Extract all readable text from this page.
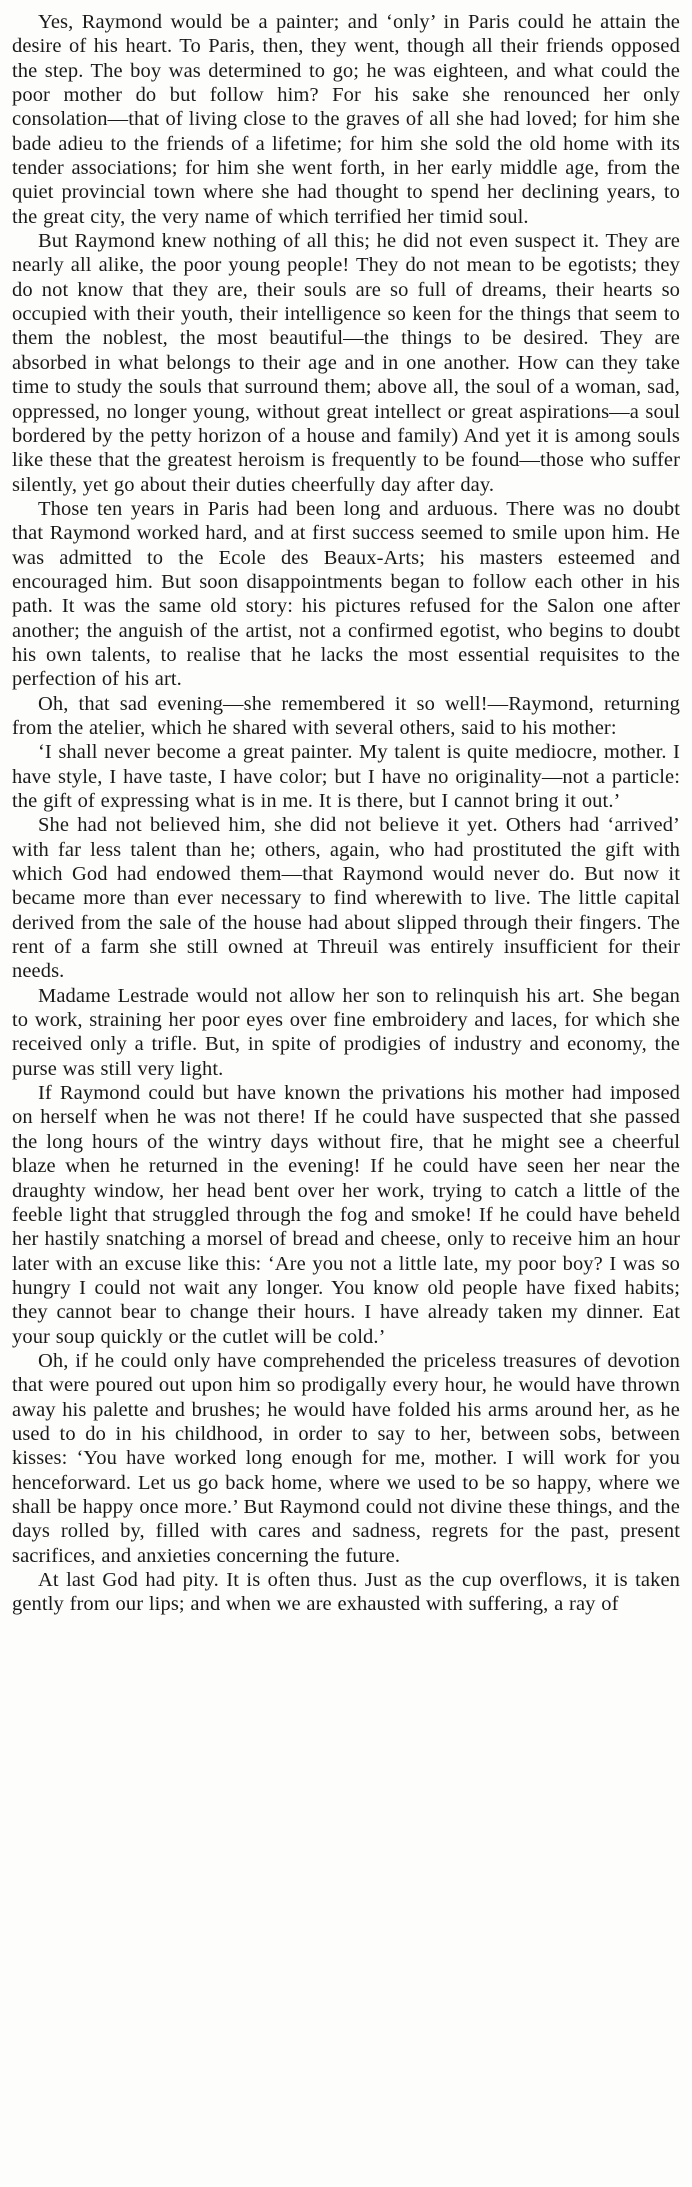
Yes, Raymond would be a painter; and ‘only’ in Paris could he attain the desire of his heart. To Paris, then, they went, though all their friends opposed the step. The boy was determined to go; he was eighteen, and what could the poor mother do but follow him? For his sake she renounced her only consolation—that of living close to the graves of all she had loved; for him she bade adieu to the friends of a lifetime; for him she sold the old home with its tender associations; for him she went forth, in her early middle age, from the quiet provincial town where she had thought to spend her declining years, to the great city, the very name of which terrified her timid soul.

But Raymond knew nothing of all this; he did not even suspect it. They are nearly all alike, the poor young people! They do not mean to be egotists; they do not know that they are, their souls are so full of dreams, their hearts so occupied with their youth, their intelligence so keen for the things that seem to them the noblest, the most beautiful—the things to be desired. They are absorbed in what belongs to their age and in one another. How can they take time to study the souls that surround them; above all, the soul of a woman, sad, oppressed, no longer young, without great intellect or great aspirations—a soul bordered by the petty horizon of a house and family) And yet it is among souls like these that the greatest heroism is frequently to be found—those who suffer silently, yet go about their duties cheerfully day after day.

Those ten years in Paris had been long and arduous. There was no doubt that Raymond worked hard, and at first success seemed to smile upon him. He was admitted to the Ecole des Beaux-Arts; his masters esteemed and encouraged him. But soon disappointments began to follow each other in his path. It was the same old story: his pictures refused for the Salon one after another; the anguish of the artist, not a confirmed egotist, who begins to doubt his own talents, to realise that he lacks the most essential requisites to the perfection of his art.

Oh, that sad evening—she remembered it so well!—Raymond, returning from the atelier, which he shared with several others, said to his mother:

‘I shall never become a great painter. My talent is quite mediocre, mother. I have style, I have taste, I have color; but I have no originality—not a particle: the gift of expressing what is in me. It is there, but I cannot bring it out.’

She had not believed him, she did not believe it yet. Others had ‘arrived’ with far less talent than he; others, again, who had prostituted the gift with which God had endowed them—that Raymond would never do. But now it became more than ever necessary to find wherewith to live. The little capital derived from the sale of the house had about slipped through their fingers. The rent of a farm she still owned at Threuil was entirely insufficient for their needs.

Madame Lestrade would not allow her son to relinquish his art. She began to work, straining her poor eyes over fine embroidery and laces, for which she received only a trifle. But, in spite of prodigies of industry and economy, the purse was still very light.

If Raymond could but have known the privations his mother had imposed on herself when he was not there! If he could have suspected that she passed the long hours of the wintry days without fire, that he might see a cheerful blaze when he returned in the evening! If he could have seen her near the draughty window, her head bent over her work, trying to catch a little of the feeble light that struggled through the fog and smoke! If he could have beheld her hastily snatching a morsel of bread and cheese, only to receive him an hour later with an excuse like this: ‘Are you not a little late, my poor boy? I was so hungry I could not wait any longer. You know old people have fixed habits; they cannot bear to change their hours. I have already taken my dinner. Eat your soup quickly or the cutlet will be cold.’

Oh, if he could only have comprehended the priceless treasures of devotion that were poured out upon him so prodigally every hour, he would have thrown away his palette and brushes; he would have folded his arms around her, as he used to do in his childhood, in order to say to her, between sobs, between kisses: ‘You have worked long enough for me, mother. I will work for you henceforward. Let us go back home, where we used to be so happy, where we shall be happy once more.’ But Raymond could not divine these things, and the days rolled by, filled with cares and sadness, regrets for the past, present sacrifices, and anxieties concerning the future.

At last God had pity. It is often thus. Just as the cup overflows, it is taken gently from our lips; and when we are exhausted with suffering, a ray of
